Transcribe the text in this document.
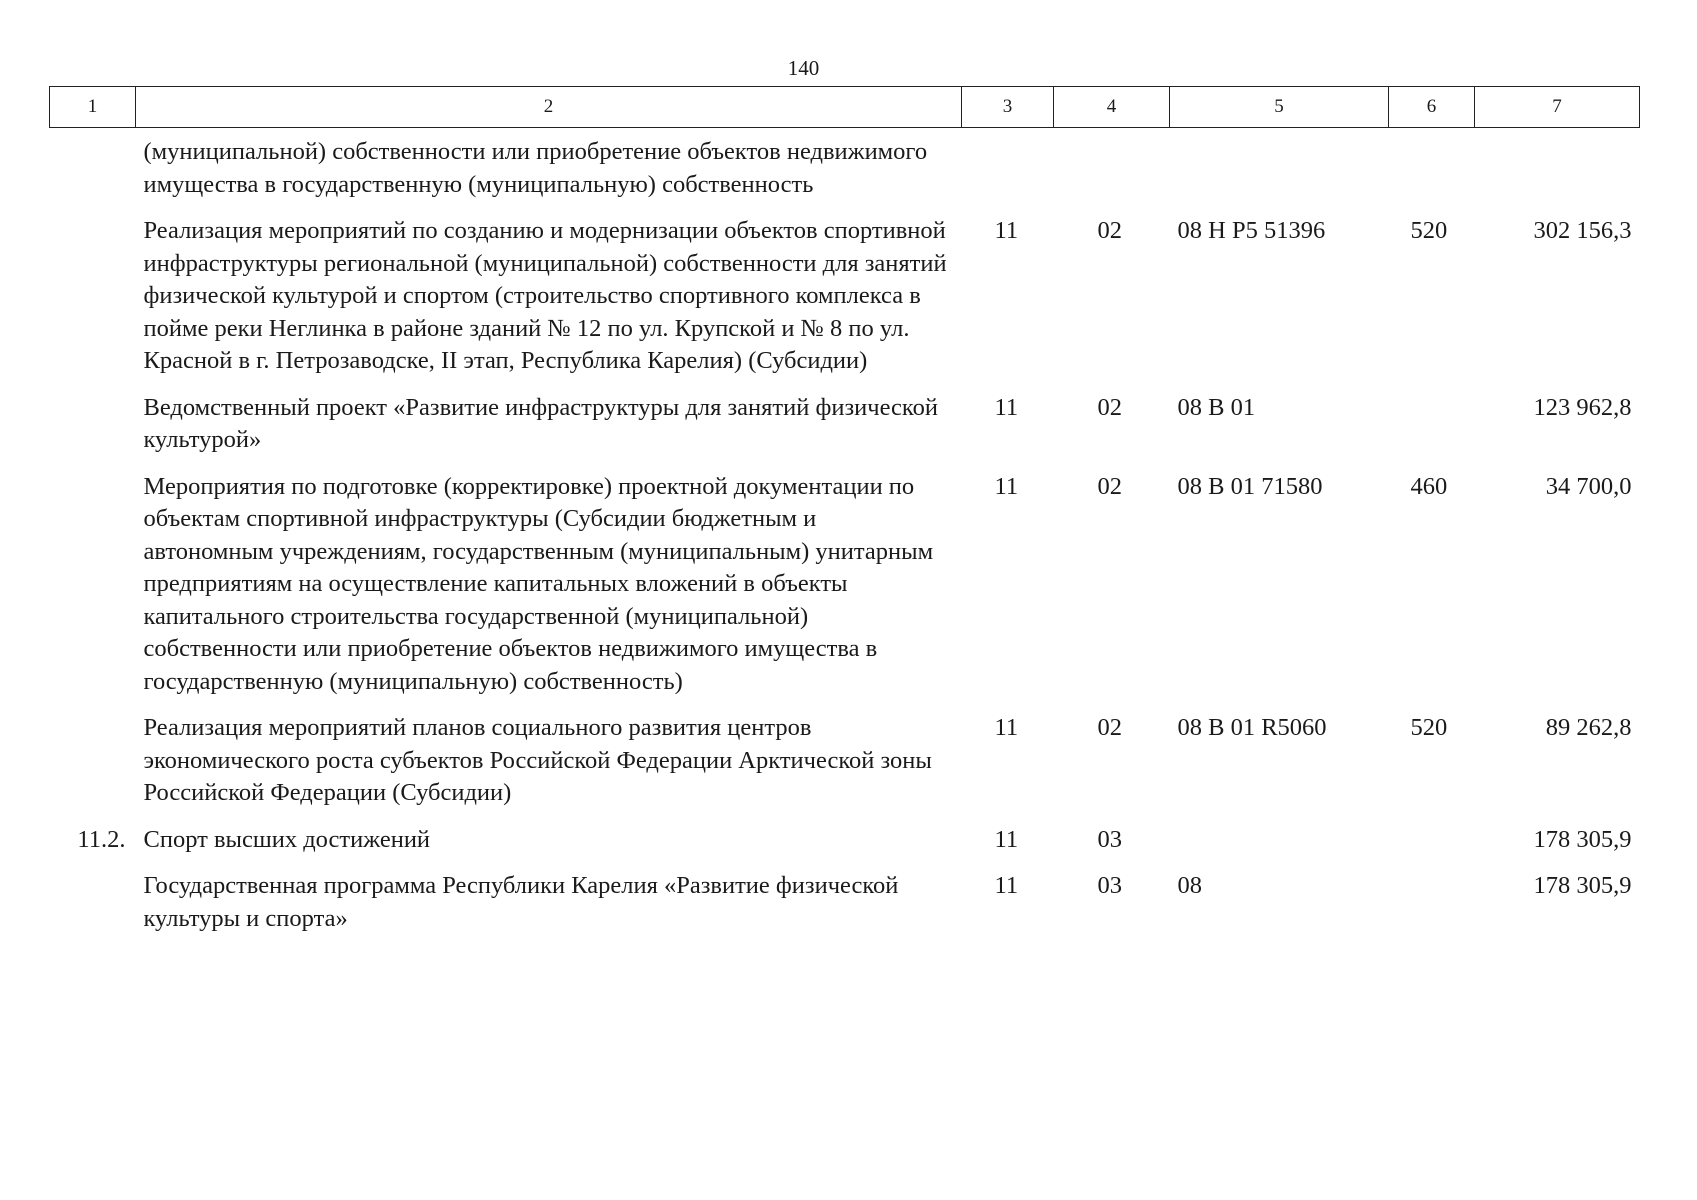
140
1	2	3	4	5	6	7
	(муниципальной) собственности или приобретение объектов недвижимого имущества в государственную (муниципальную) собственность					
	Реализация мероприятий по созданию и модернизации объектов спортивной инфраструктуры региональной (муниципальной) собственности для занятий физической культурой и спортом (строительство спортивного комплекса в пойме реки Неглинка в районе зданий № 12 по ул. Крупской и № 8 по ул. Красной в г. Петрозаводске, II этап, Республика Карелия) (Субсидии)	11	02	08 Н Р5 51396	520	302 156,3
	Ведомственный проект «Развитие инфраструктуры для занятий физической культурой»	11	02	08 В 01		123 962,8
	Мероприятия по подготовке (корректировке) проектной документации по объектам спортивной инфраструктуры (Субсидии бюджетным и автономным учреждениям, государственным (муниципальным) унитарным предприятиям на осуществление капитальных вложений в объекты капитального строительства государственной (муниципальной) собственности или приобретение объектов недвижимого имущества в государственную (муниципальную) собственность)	11	02	08 В 01 71580	460	34 700,0
	Реализация мероприятий планов социального развития центров экономического роста субъектов Российской Федерации Арктической зоны Российской Федерации (Субсидии)	11	02	08 В 01 R5060	520	89 262,8
11.2.	Спорт высших достижений	11	03			178 305,9
	Государственная программа Республики Карелия «Развитие физической культуры и спорта»	11	03	08		178 305,9
